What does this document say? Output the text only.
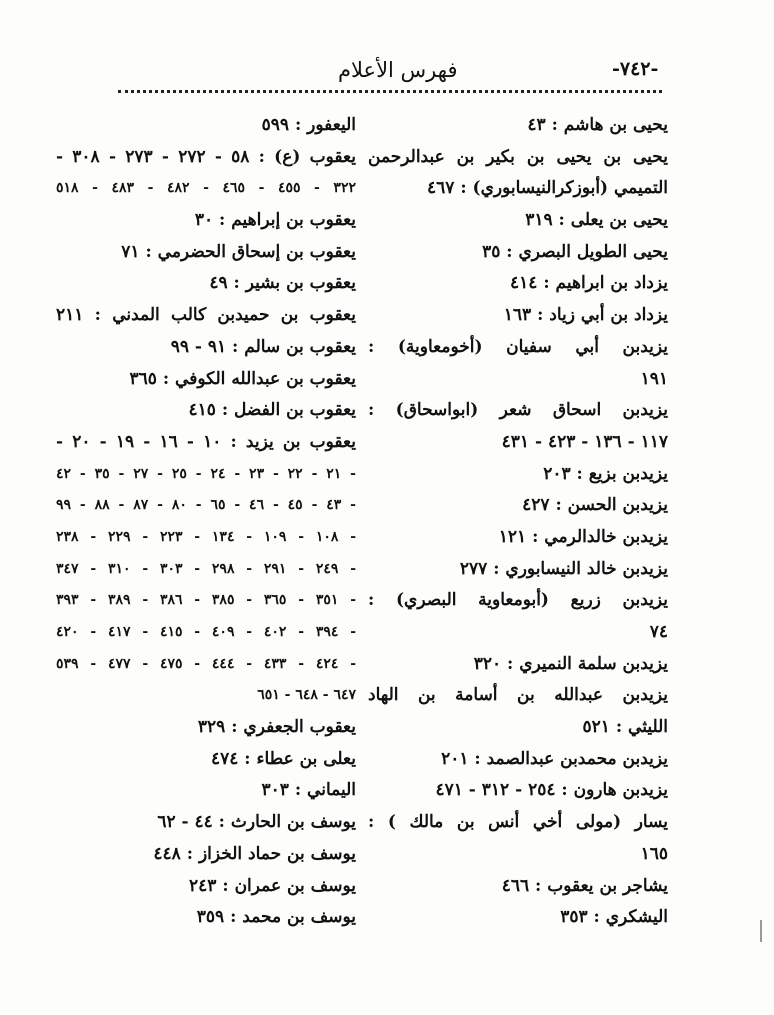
-٧٤٢-
فهرس الأعلام
يحيى بن هاشم : ٤٣
يحيى بن يحيى بن بكير بن عبدالرحمن
التميمي (أبوزكرالنيسابوري) : ٤٦٧
يحيى بن يعلى : ٣١٩
يحيى الطويل البصري : ٣٥
يزداد بن ابراهيم : ٤١٤
يزداد بن أبي زياد : ١٦٣
يزيدبن أبي سفيان (أخومعاوية) :
١٩١
يزيدبن اسحاق شعر (ابواسحاق) :
١١٧ - ١٣٦ - ٤٢٣ - ٤٣١
يزيدبن بزيع : ٢٠٣
يزيدبن الحسن : ٤٢٧
يزيدبن خالدالرمي : ١٢١
يزيدبن خالد النيسابوري : ٢٧٧
يزيدبن زريع (أبومعاوية البصري) :
٧٤
يزيدبن سلمة النميري : ٣٢٠
يزيدبن عبدالله بن أسامة بن الهاد
الليثي : ٥٢١
يزيدبن محمدبن عبدالصمد : ٢٠١
يزيدبن هارون : ٢٥٤ - ٣١٢ - ٤٧١
يسار (مولى أخي أنس بن مالك ) :
١٦٥
يشاجر بن يعقوب : ٤٦٦
اليشكري : ٣٥٣
اليعفور : ٥٩٩
يعقوب (ع) : ٥٨ - ٢٧٢ - ٢٧٣ - ٣٠٨ -
٣٢٢ - ٤٥٥ - ٤٦٥ - ٤٨٢ - ٤٨٣ - ٥١٨
يعقوب بن إبراهيم : ٣٠
يعقوب بن إسحاق الحضرمي : ٧١
يعقوب بن بشير : ٤٩
يعقوب بن حميدبن كالب المدني : ٢١١
يعقوب بن سالم : ٩١ - ٩٩
يعقوب بن عبدالله الكوفي : ٣٦٥
يعقوب بن الفضل : ٤١٥
يعقوب بن يزيد : ١٠ - ١٦ - ١٩ - ٢٠ -
٢١ - ٢٢ - ٢٣ - ٢٤ - ٢٥ - ٢٧ - ٣٥ - ٤٢ -
٤٣ - ٤٥ - ٤٦ - ٦٥ - ٨٠ - ٨٧ - ٨٨ - ٩٩ -
١٠٨ - ١٠٩ - ١٣٤ - ٢٢٣ - ٢٢٩ - ٢٣٨ -
٢٤٩ - ٢٩١ - ٢٩٨ - ٣٠٣ - ٣١٠ - ٣٤٧ -
٣٥١ - ٣٦٥ - ٣٨٥ - ٣٨٦ - ٣٨٩ - ٣٩٣ -
٣٩٤ - ٤٠٢ - ٤٠٩ - ٤١٥ - ٤١٧ - ٤٢٠ -
٤٢٤ - ٤٣٣ - ٤٤٤ - ٤٧٥ - ٤٧٧ - ٥٣٩ -
٦٤٧ - ٦٤٨ - ٦٥١
يعقوب الجعفري : ٣٢٩
يعلى بن عطاء : ٤٧٤
اليماني : ٣٠٣
يوسف بن الحارث : ٤٤ - ٦٢
يوسف بن حماد الخزاز : ٤٤٨
يوسف بن عمران : ٢٤٣
يوسف بن محمد : ٣٥٩
